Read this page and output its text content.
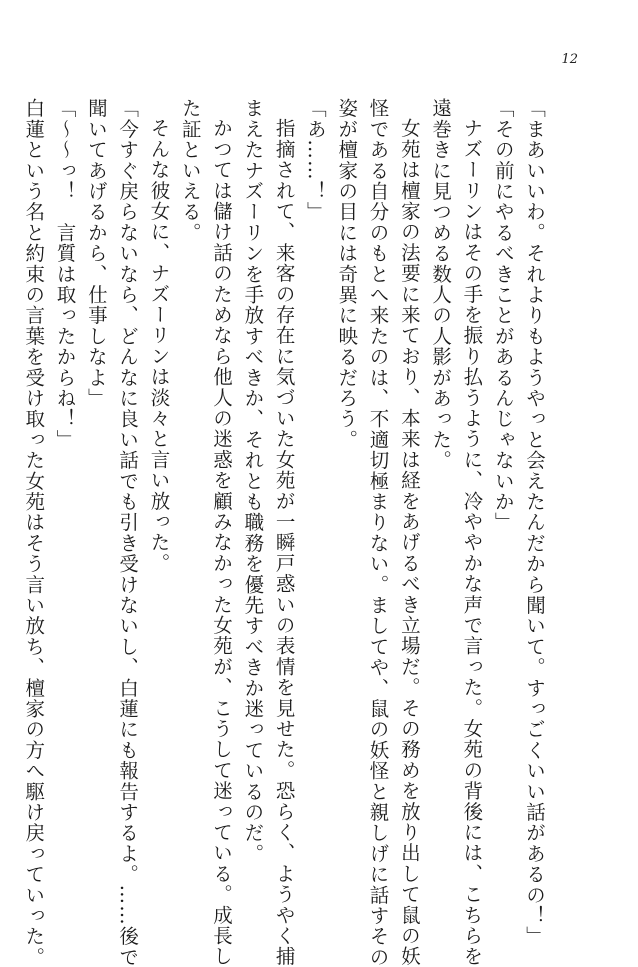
12
「まあいいわ。それよりもようやっと会えたんだから聞いて。すっごくいい話があるの！」
「その前にやるべきことがあるんじゃないか」
ナズーリンはその手を振り払うように、冷ややかな声で言った。女苑の背後には、こちらを
遠巻きに見つめる数人の人影があった。
女苑は檀家の法要に来ており、本来は経をあげるべき立場だ。その務めを放り出して鼠の妖
怪である自分のもとへ来たのは、不適切極まりない。ましてや、鼠の妖怪と親しげに話すその
姿が檀家の目には奇異に映るだろう。
「あ……！」
指摘されて、来客の存在に気づいた女苑が一瞬戸惑いの表情を見せた。恐らく、ようやく捕
まえたナズーリンを手放すべきか、それとも職務を優先すべきか迷っているのだ。
かつては儲け話のためなら他人の迷惑を顧みなかった女苑が、こうして迷っている。成長し
た証といえる。
そんな彼女に、ナズーリンは淡々と言い放った。
「今すぐ戻らないなら、どんなに良い話でも引き受けないし、白蓮にも報告するよ。……後で
聞いてあげるから、仕事しなよ」
「～～っ！　言質は取ったからね！」
白蓮という名と約束の言葉を受け取った女苑はそう言い放ち、檀家の方へ駆け戻っていった。
